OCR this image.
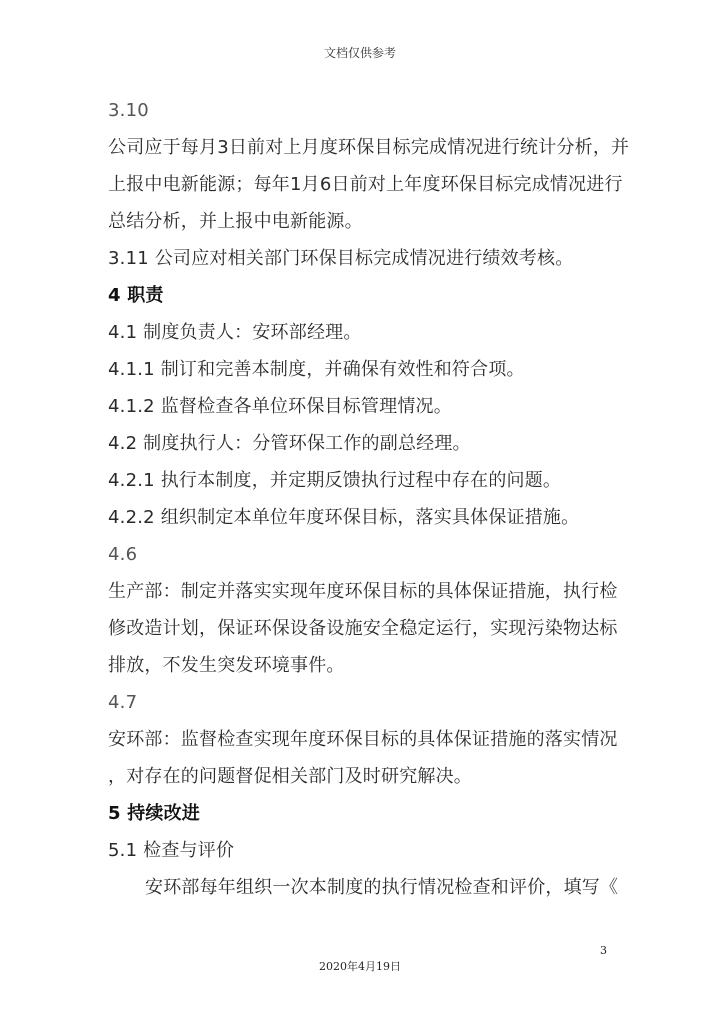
文档仅供参考
3.10
公司应于每月3日前对上月度环保目标完成情况进行统计分析，并
上报中电新能源；每年1月6日前对上年度环保目标完成情况进行
总结分析，并上报中电新能源。
3.11 公司应对相关部门环保目标完成情况进行绩效考核。
4 职责
4.1 制度负责人：安环部经理。
4.1.1 制订和完善本制度，并确保有效性和符合项。
4.1.2 监督检查各单位环保目标管理情况。
4.2 制度执行人：分管环保工作的副总经理。
4.2.1 执行本制度，并定期反馈执行过程中存在的问题。
4.2.2 组织制定本单位年度环保目标，落实具体保证措施。
4.6
生产部：制定并落实实现年度环保目标的具体保证措施，执行检
修改造计划，保证环保设备设施安全稳定运行，实现污染物达标
排放，不发生突发环境事件。
4.7
安环部：监督检查实现年度环保目标的具体保证措施的落实情况
，对存在的问题督促相关部门及时研究解决。
5 持续改进
5.1 检查与评价
安环部每年组织一次本制度的执行情况检查和评价，填写《
3
2020年4月19日
